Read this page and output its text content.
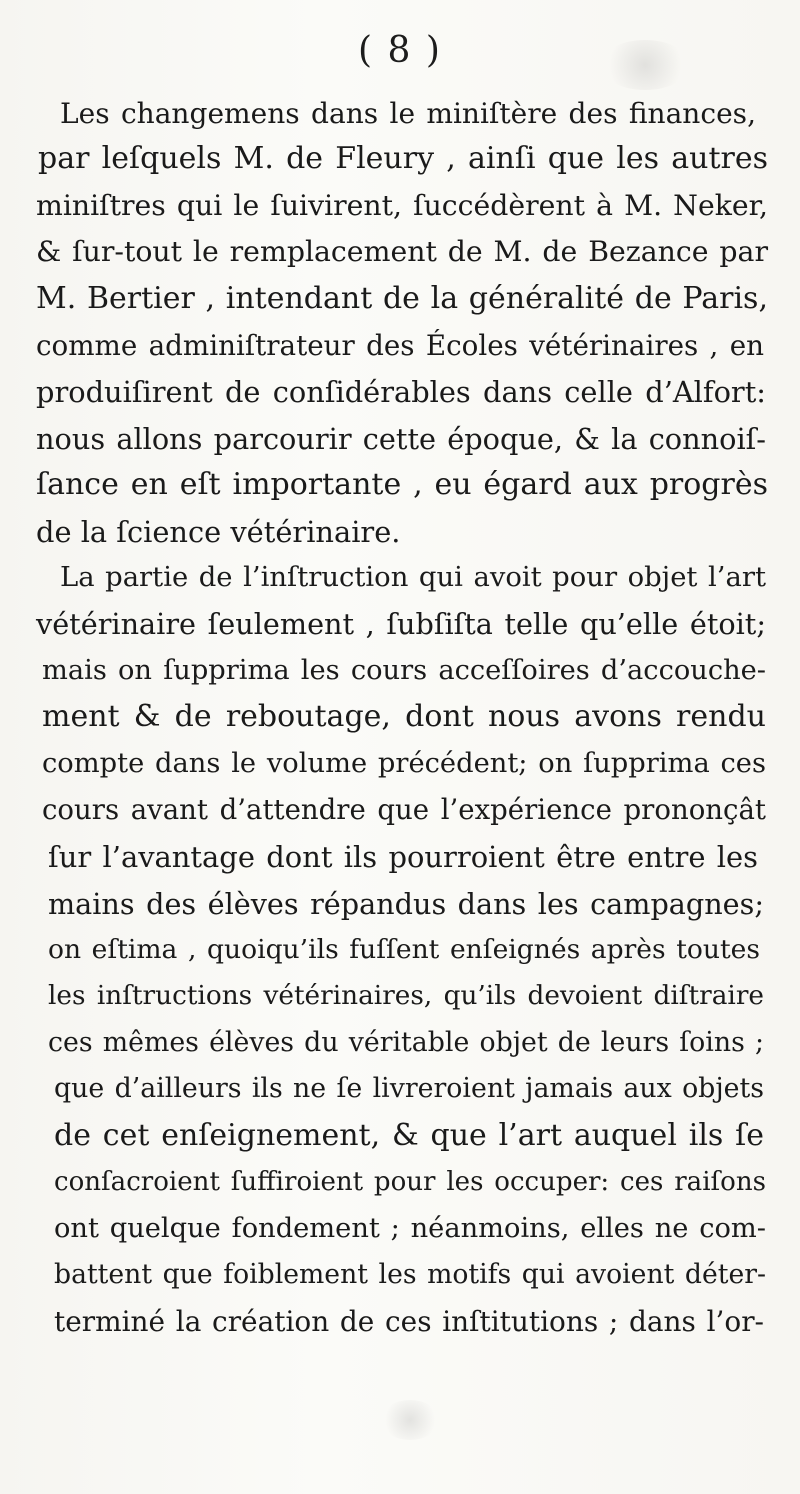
( 8 )
Les changemens dans le miniſtère des finances,
par leſquels M. de Fleury , ainſi que les autres
miniſtres qui le ſuivirent, ſuccédèrent à M. Neker,
& ſur-tout le remplacement de M. de Bezance par
M. Bertier , intendant de la généralité de Paris,
comme adminiſtrateur des Écoles vétérinaires , en
produiſirent de conſidérables dans celle d’Alfort:
nous allons parcourir cette époque, & la connoiſ-
ſance en eſt importante , eu égard aux progrès
de la ſcience vétérinaire.
La partie de l’inſtruction qui avoit pour objet l’art
vétérinaire ſeulement , ſubſiſta telle qu’elle étoit;
mais on ſupprima les cours acceſſoires d’accouche-
ment & de reboutage, dont nous avons rendu
compte dans le volume précédent; on ſupprima ces
cours avant d’attendre que l’expérience prononçât
ſur l’avantage dont ils pourroient être entre les
mains des élèves répandus dans les campagnes;
on eſtima , quoiqu’ils fuſſent enſeignés après toutes
les inſtructions vétérinaires, qu’ils devoient diſtraire
ces mêmes élèves du véritable objet de leurs ſoins ;
que d’ailleurs ils ne ſe livreroient jamais aux objets
de cet enſeignement, & que l’art auquel ils ſe
conſacroient ſuffiroient pour les occuper: ces raiſons
ont quelque fondement ; néanmoins, elles ne com-
battent que foiblement les motifs qui avoient déter-
terminé la création de ces inſtitutions ; dans l’or-
